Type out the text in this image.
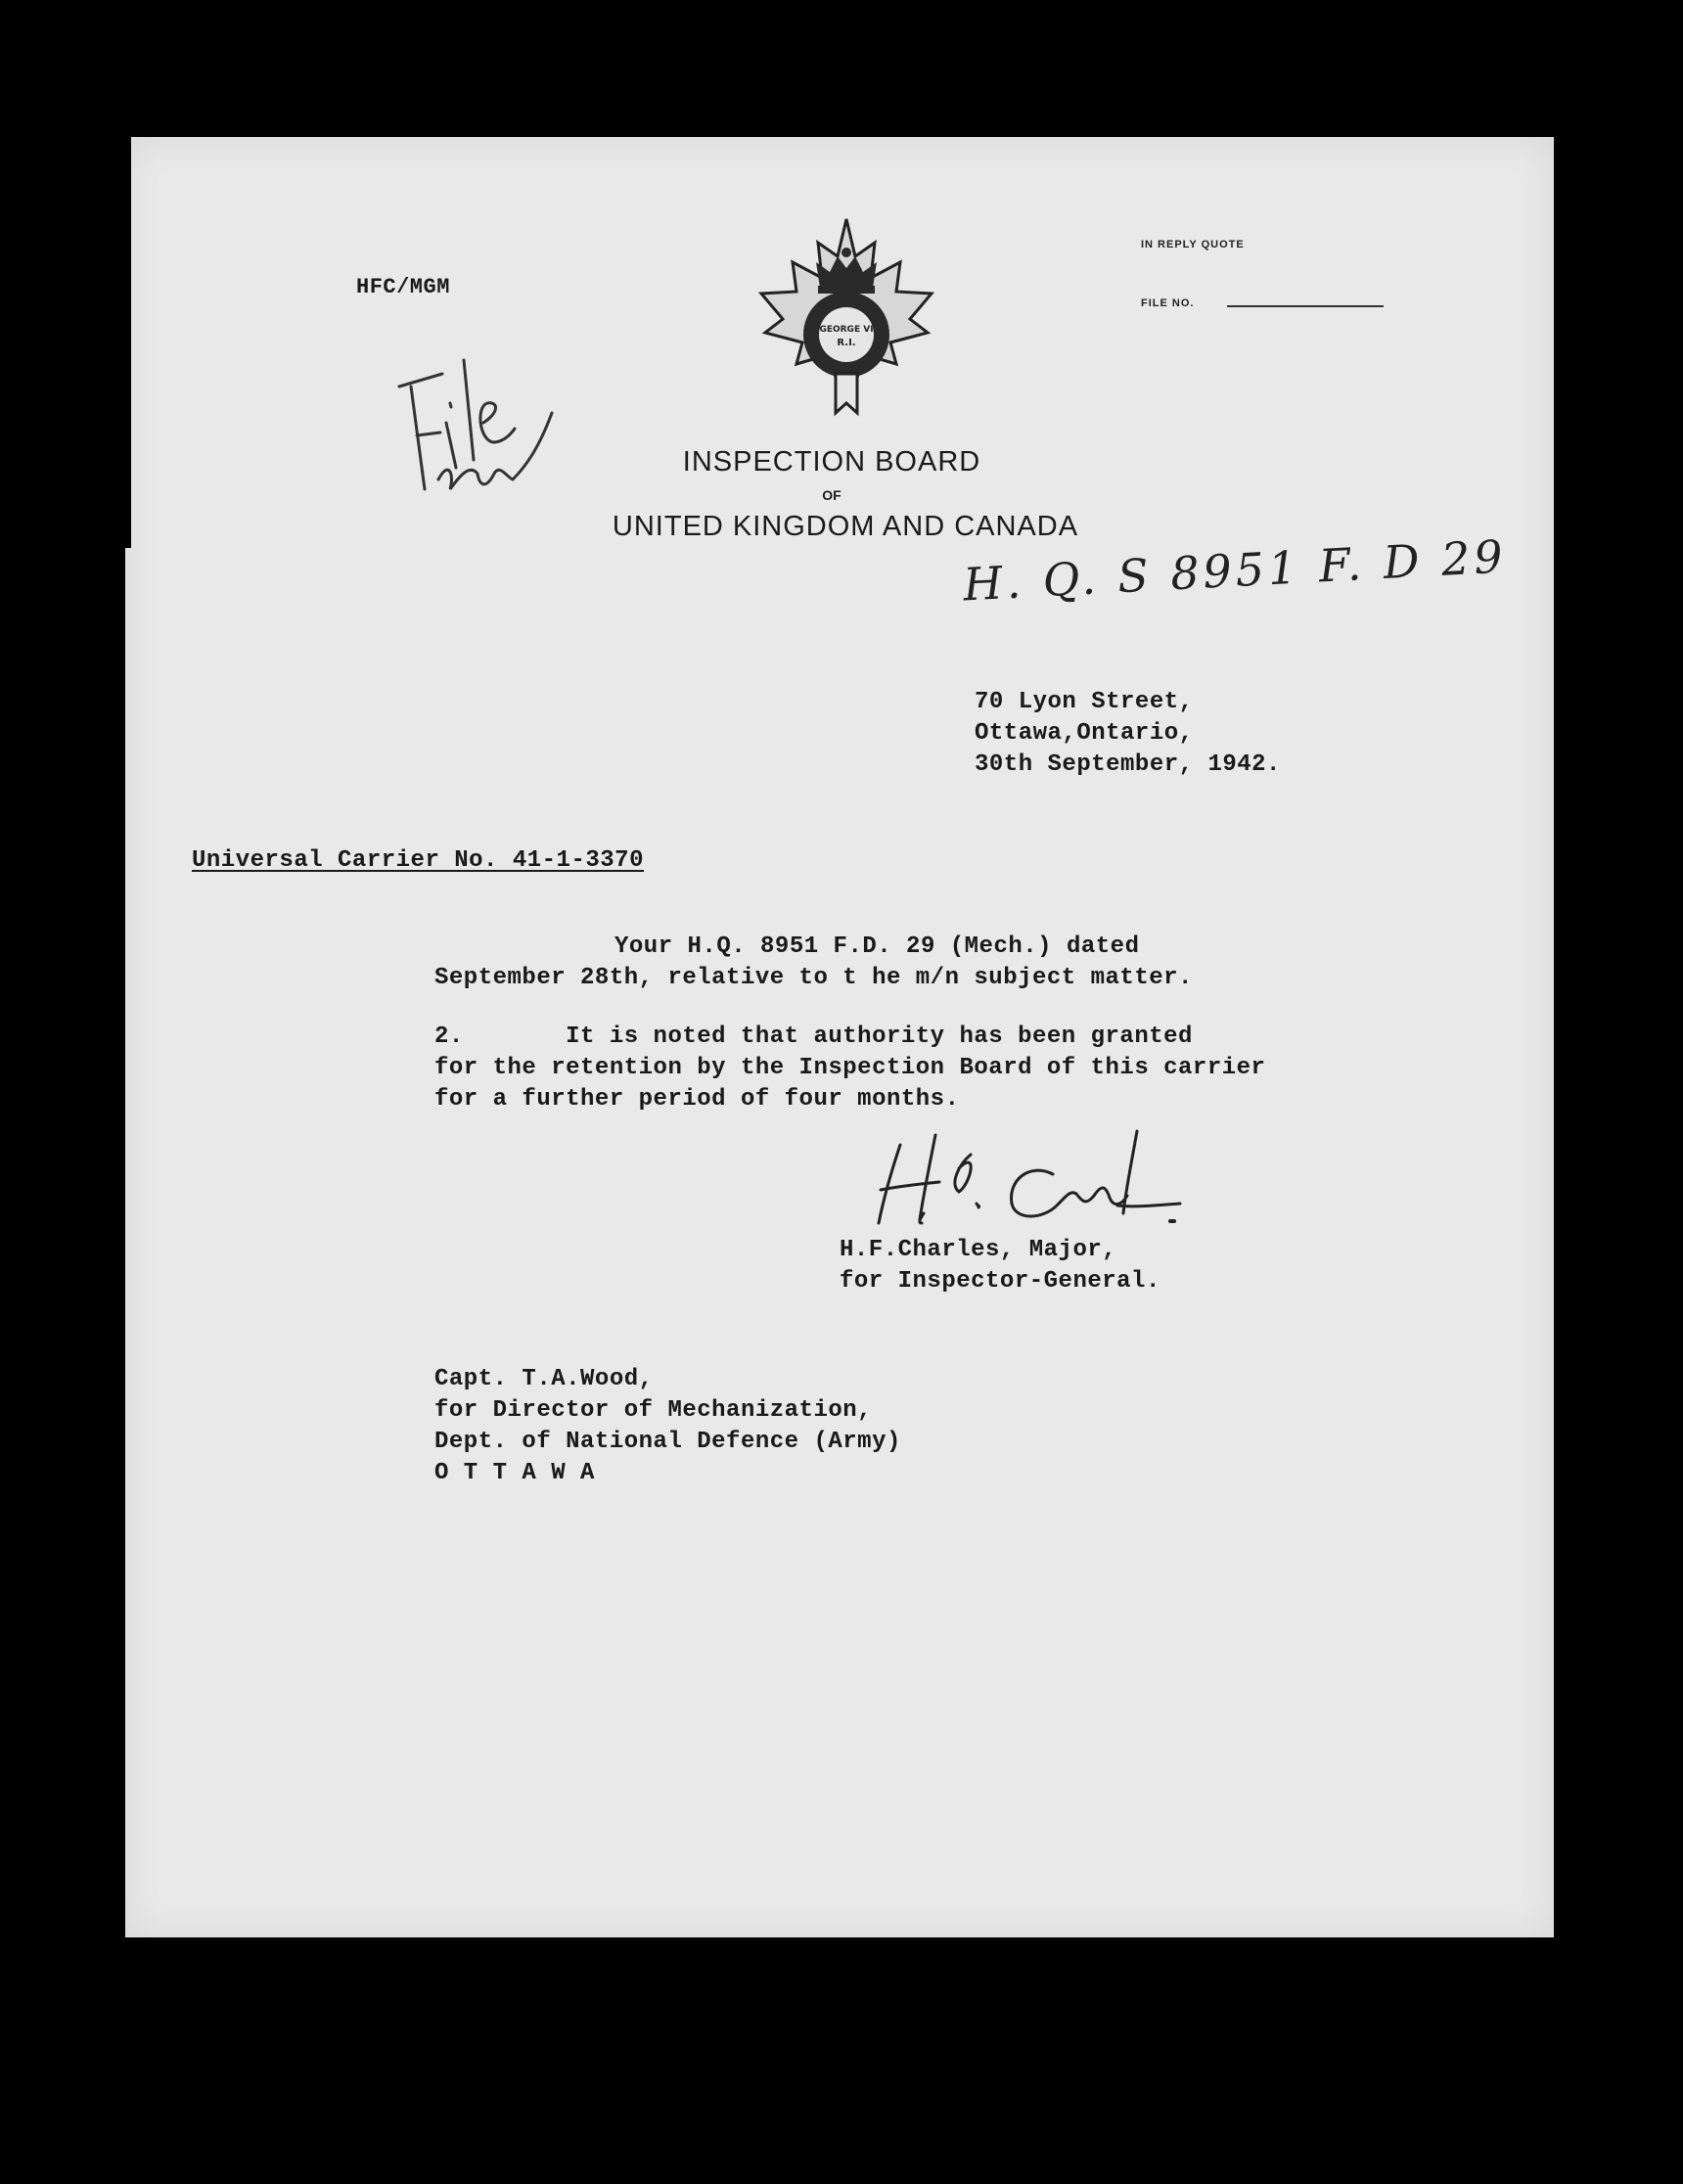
HFC/MGM
GEORGE VI
R.I.
IN REPLY QUOTE
FILE NO.
INSPECTION BOARD
OF
UNITED KINGDOM AND CANADA
H. Q. S 8951 F. D 29
70 Lyon Street,
Ottawa,Ontario,
30th September, 1942.
Universal Carrier No. 41-1-3370
Your H.Q. 8951 F.D. 29 (Mech.) dated
September 28th, relative to t he m/n subject matter.
2.       It is noted that authority has been granted
for the retention by the Inspection Board of this carrier
for a further period of four months.
H.F.Charles, Major,
for Inspector-General.
Capt. T.A.Wood,
for Director of Mechanization,
Dept. of National Defence (Army)
O T T A W A
